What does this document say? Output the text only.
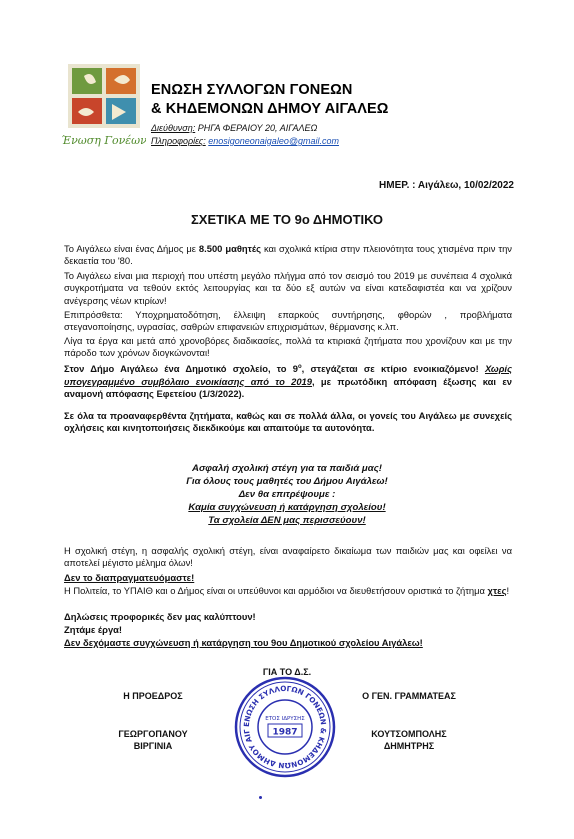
Ένωση Γονέων
ΕΝΩΣΗ ΣΥΛΛΟΓΩΝ ΓΟΝΕΩΝ
& ΚΗΔΕΜΟΝΩΝ ΔΗΜΟΥ ΑΙΓΑΛΕΩ
Διεύθυνση: ΡΗΓΑ ΦΕΡΑΙΟΥ 20, ΑΙΓΑΛΕΩ
Πληροφορίες: enosigoneonaigaleo@gmail.com
ΗΜΕΡ. : Αιγάλεω, 10/02/2022
ΣΧΕΤΙΚΑ ΜΕ ΤΟ 9ο ΔΗΜΟΤΙΚΟ
Το Αιγάλεω είναι ένας Δήμος με 8.500 μαθητές και σχολικά κτίρια στην πλειονότητα τους χτισμένα πριν την δεκαετία του '80.
Το Αιγάλεω είναι μια περιοχή που υπέστη μεγάλο πλήγμα από τον σεισμό του 2019 με συνέπεια 4 σχολικά συγκροτήματα να τεθούν εκτός λειτουργίας και τα δύο εξ αυτών να είναι κατεδαφιστέα και να χρίζουν ανέγερσης νέων κτιρίων!
Επιπρόσθετα: Υποχρηματοδότηση, έλλειψη επαρκούς συντήρησης, φθορών , προβλήματα στεγανοποίησης, υγρασίας, σαθρών επιφανειών επιχρισμάτων, θέρμανσης κ.λπ.
Λίγα τα έργα και μετά από χρονοβόρες διαδικασίες, πολλά τα κτιριακά ζητήματα που χρονίζουν και με την πάροδο των χρόνων διογκώνονται!
Στον Δήμο Αιγάλεω ένα Δημοτικό σχολείο, το $9^o$, στεγάζεται σε κτίριο ενοικιαζόμενο! Χωρίς υπογεγραμμένο συμβόλαιο ενοικίασης από το 2019, με πρωτόδικη απόφαση έξωσης και εν αναμονή απόφασης Εφετείου (1/3/2022).
Σε όλα τα προαναφερθέντα ζητήματα, καθώς και σε πολλά άλλα, οι γονείς του Αιγάλεω με συνεχείς οχλήσεις και κινητοποιήσεις διεκδικούμε και απαιτούμε τα αυτονόητα.
Ασφαλή σχολική στέγη για τα παιδιά μας!
Για όλους τους μαθητές του Δήμου Αιγάλεω!
Δεν θα επιτρέψουμε :
Καμία συγχώνευση ή κατάργηση σχολείου!
Τα σχολεία ΔΕΝ μας περισσεύουν!
Η σχολική στέγη, η ασφαλής σχολική στέγη, είναι αναφαίρετο δικαίωμα των παιδιών μας και οφείλει να αποτελεί μέγιστο μέλημα όλων!
Δεν το διαπραγματευόμαστε!
Η Πολιτεία, το ΥΠΑΙΘ και ο Δήμος είναι οι υπεύθυνοι και αρμόδιοι να διευθετήσουν οριστικά το ζήτημα χτες!
Δηλώσεις προφορικές δεν μας καλύπτουν!
Ζητάμε έργα!
Δεν δεχόμαστε συγχώνευση ή κατάργηση του 9ου Δημοτικού σχολείου Αιγάλεω!
ΓΙΑ ΤΟ Δ.Σ.
Η ΠΡΟΕΔΡΟΣ	Ο ΓΕΝ. ΓΡΑΜΜΑΤΕΑΣ
ΓΕΩΡΓΟΠΑΝΟΥ
ΒΙΡΓΙΝΙΑ
ΚΟΥΤΣΟΜΠΟΛΗΣ
ΔΗΜΗΤΡΗΣ
ΕΝΩΣΗ ΣΥΛΛΟΓΩΝ ΓΟΝΕΩΝ & ΚΗΔΕΜΟΝΩΝ ΔΗΜΟΥ ΑΙΓ
ΕΤΟΣ ΙΔΡΥΣΗΣ
1987
